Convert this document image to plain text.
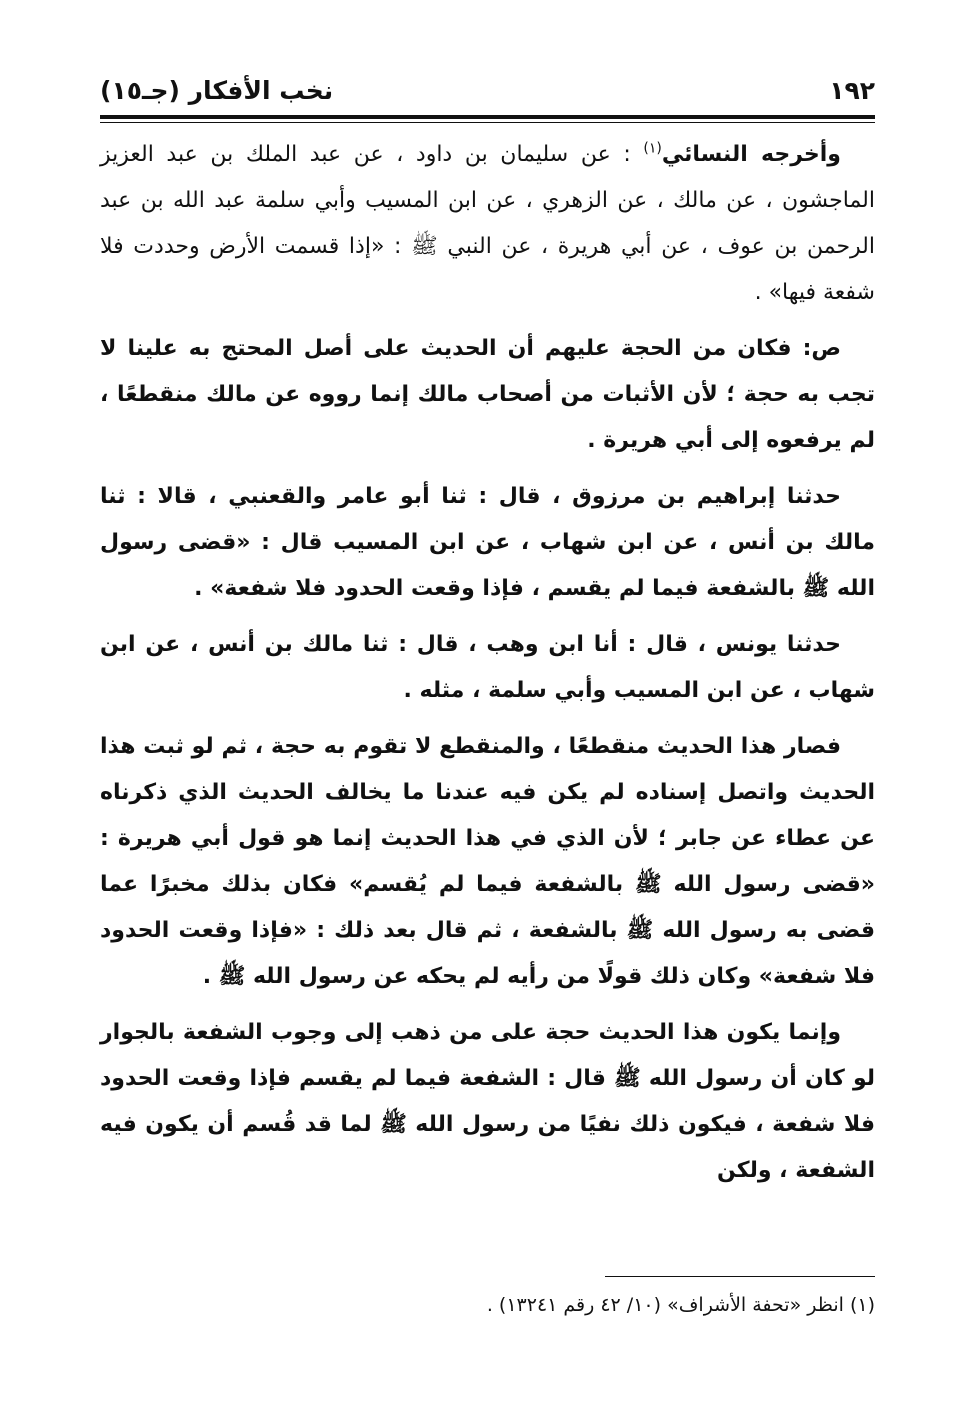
١٩٢
نخب الأفكار (جـ١٥)

وأخرجه النسائي$^{(١)}$ : عن سليمان بن داود ، عن عبد الملك بن عبد العزيز الماجشون ، عن مالك ، عن الزهري ، عن ابن المسيب وأبي سلمة عبد الله بن عبد الرحمن بن عوف ، عن أبي هريرة ، عن النبي ﷺ : «إذا قسمت الأرض وحددت فلا شفعة فيها» .

ص: فكان من الحجة عليهم أن الحديث على أصل المحتج به علينا لا تجب به حجة ؛ لأن الأثبات من أصحاب مالك إنما رووه عن مالك منقطعًا ، لم يرفعوه إلى أبي هريرة .

حدثنا إبراهيم بن مرزوق ، قال : ثنا أبو عامر والقعنبي ، قالا : ثنا مالك بن أنس ، عن ابن شهاب ، عن ابن المسيب قال : «قضى رسول الله ﷺ بالشفعة فيما لم يقسم ، فإذا وقعت الحدود فلا شفعة» .

حدثنا يونس ، قال : أنا ابن وهب ، قال : ثنا مالك بن أنس ، عن ابن شهاب ، عن ابن المسيب وأبي سلمة ، مثله .

فصار هذا الحديث منقطعًا ، والمنقطع لا تقوم به حجة ، ثم لو ثبت هذا الحديث واتصل إسناده لم يكن فيه عندنا ما يخالف الحديث الذي ذكرناه عن عطاء عن جابر ؛ لأن الذي في هذا الحديث إنما هو قول أبي هريرة : «قضى رسول الله ﷺ بالشفعة فيما لم يُقسم» فكان بذلك مخبرًا عما قضى به رسول الله ﷺ بالشفعة ، ثم قال بعد ذلك : «فإذا وقعت الحدود فلا شفعة» وكان ذلك قولًا من رأيه لم يحكه عن رسول الله ﷺ .

وإنما يكون هذا الحديث حجة على من ذهب إلى وجوب الشفعة بالجوار لو كان أن رسول الله ﷺ قال : الشفعة فيما لم يقسم فإذا وقعت الحدود فلا شفعة ، فيكون ذلك نفيًا من رسول الله ﷺ لما قد قُسم أن يكون فيه الشفعة ، ولكن

(١) انظر «تحفة الأشراف» (١٠/ ٤٢ رقم ١٣٢٤١) .
